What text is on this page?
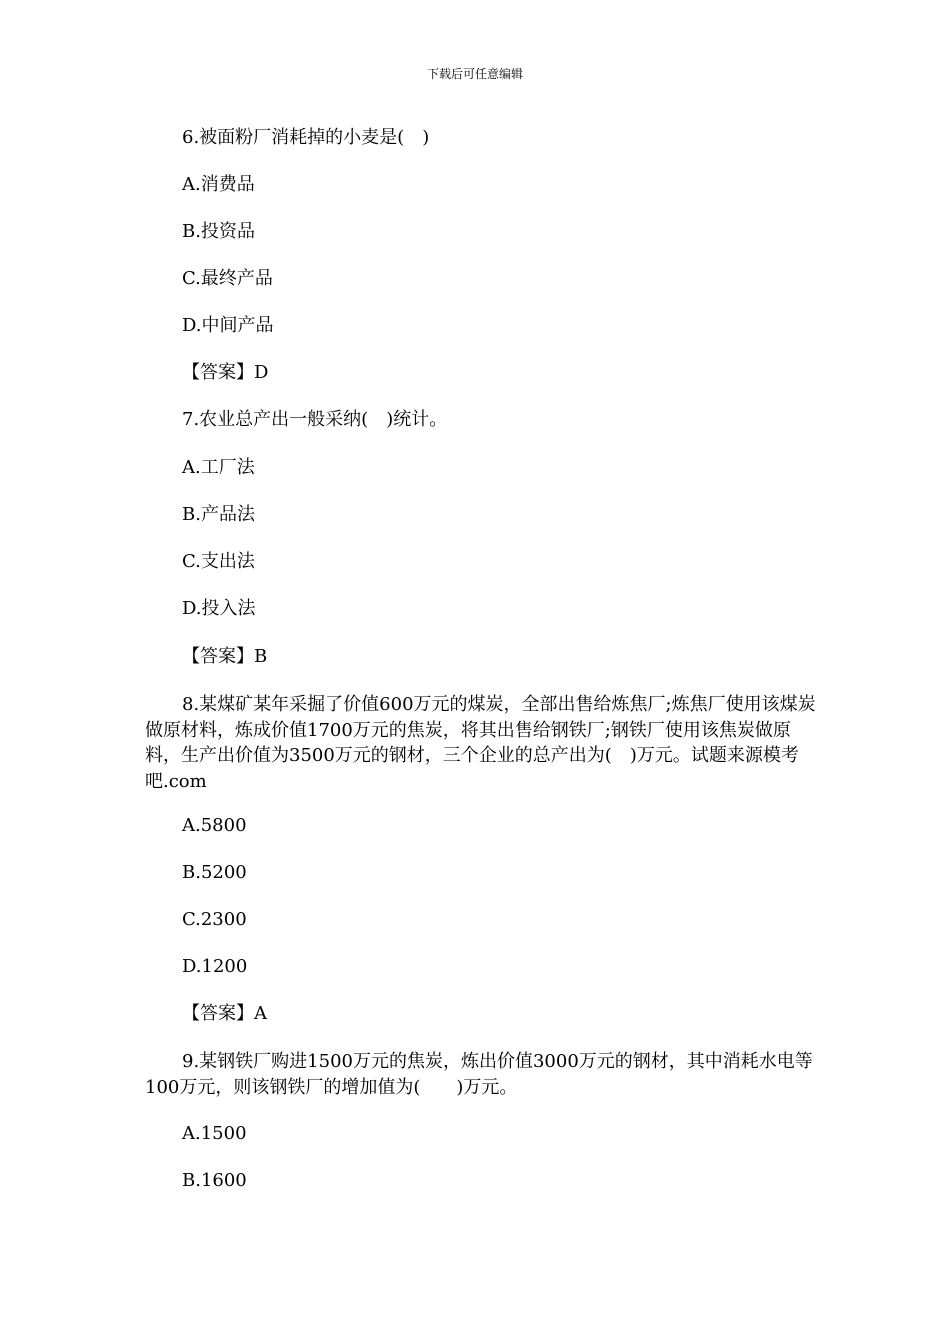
下载后可任意编辑
6.被面粉厂消耗掉的小麦是(　)
A.消费品
B.投资品
C.最终产品
D.中间产品
【答案】D
7.农业总产出一般采纳(　)统计。
A.工厂法
B.产品法
C.支出法
D.投入法
【答案】B
8.某煤矿某年采掘了价值600万元的煤炭，全部出售给炼焦厂;炼焦厂使用该煤炭做原材料，炼成价值1700万元的焦炭，将其出售给钢铁厂;钢铁厂使用该焦炭做原料，生产出价值为3500万元的钢材，三个企业的总产出为(　)万元。试题来源模考吧.com
A.5800
B.5200
C.2300
D.1200
【答案】A
9.某钢铁厂购进1500万元的焦炭，炼出价值3000万元的钢材，其中消耗水电等100万元，则该钢铁厂的增加值为(　　)万元。
A.1500
B.1600
